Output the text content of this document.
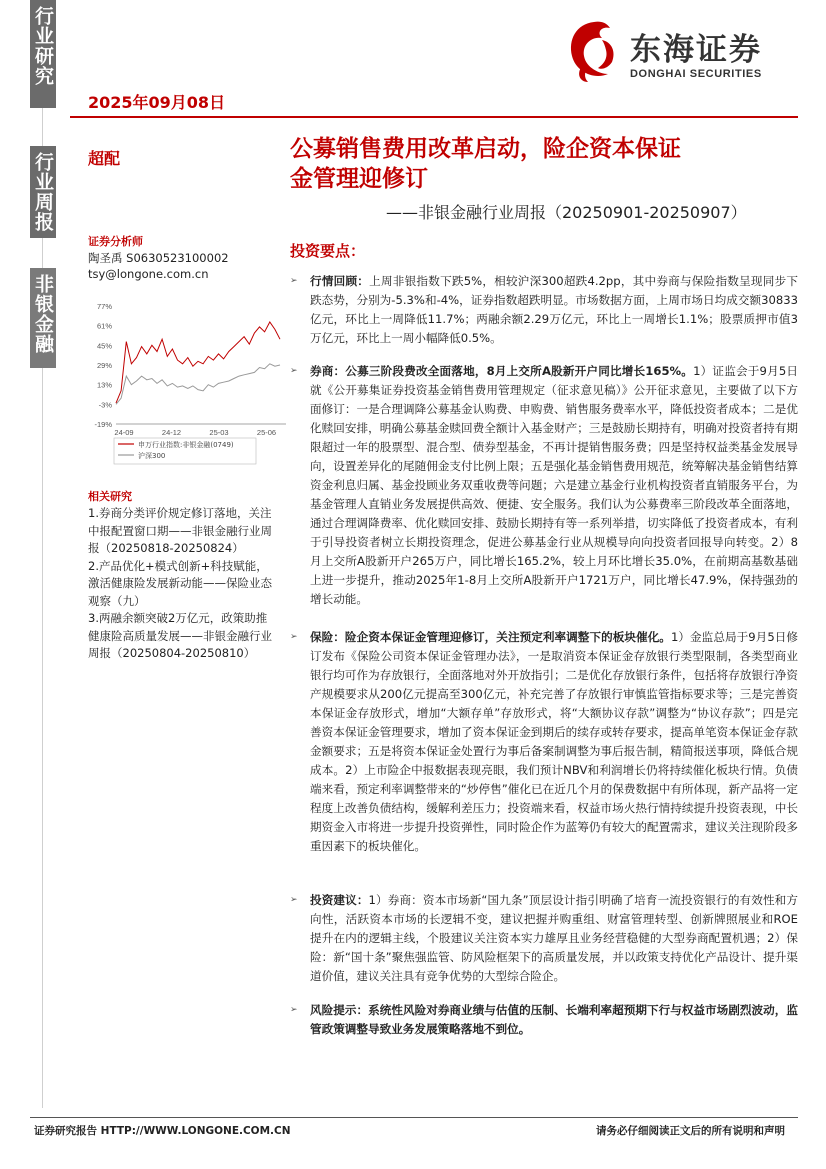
行业研究
行业周报
非银金融
2025年09月08日
东海证券
DONGHAI SECURITIES
超配	公募销售费用改革启动，险企资本保证
金管理迎修订
——非银金融行业周报（20250901-20250907）
证券分析师
陶圣禹 S0630523100002
tsy@longone.com.cn
77%
61%
45%
29%
13%
-3%
-19%
24-09	24-12	25-03	25-06
申万行业指数:非银金融(0749)
沪深300
相关研究
1.券商分类评价规定修订落地，关注中报配置窗口期——非银金融行业周报（20250818-20250824）
2.产品优化+模式创新+科技赋能，激活健康险发展新动能——保险业态观察（九）
3.两融余额突破2万亿元，政策助推健康险高质量发展——非银金融行业周报（20250804-20250810）
投资要点：
➢	行情回顾：上周非银指数下跌5%，相较沪深300超跌4.2pp，其中券商与保险指数呈现同步下跌态势，分别为-5.3%和-4%，证券指数超跌明显。市场数据方面，上周市场日均成交额30833亿元，环比上一周降低11.7%；两融余额2.29万亿元，环比上一周增长1.1%；股票质押市值3万亿元，环比上一周小幅降低0.5%。
➢	券商：公募三阶段费改全面落地，8月上交所A股新开户同比增长165%。1）证监会于9月5日就《公开募集证券投资基金销售费用管理规定（征求意见稿）》公开征求意见，主要做了以下方面修订：一是合理调降公募基金认购费、申购费、销售服务费率水平，降低投资者成本；二是优化赎回安排，明确公募基金赎回费全额计入基金财产；三是鼓励长期持有，明确对投资者持有期限超过一年的股票型、混合型、债券型基金，不再计提销售服务费；四是坚持权益类基金发展导向，设置差异化的尾随佣金支付比例上限；五是强化基金销售费用规范，统筹解决基金销售结算资金利息归属、基金投顾业务双重收费等问题；六是建立基金行业机构投资者直销服务平台，为基金管理人直销业务发展提供高效、便捷、安全服务。我们认为公募费率三阶段改革全面落地，通过合理调降费率、优化赎回安排、鼓励长期持有等一系列举措，切实降低了投资者成本，有利于引导投资者树立长期投资理念，促进公募基金行业从规模导向向投资者回报导向转变。2）8月上交所A股新开户265万户，同比增长165.2%，较上月环比增长35.0%，在前期高基数基础上进一步提升，推动2025年1-8月上交所A股新开户1721万户，同比增长47.9%，保持强劲的增长动能。
➢	保险：险企资本保证金管理迎修订，关注预定利率调整下的板块催化。1）金监总局于9月5日修订发布《保险公司资本保证金管理办法》，一是取消资本保证金存放银行类型限制，各类型商业银行均可作为存放银行，全面落地对外开放指引；二是优化存放银行条件，包括将存放银行净资产规模要求从200亿元提高至300亿元，补充完善了存放银行审慎监管指标要求等；三是完善资本保证金存放形式，增加“大额存单”存放形式，将“大额协议存款”调整为“协议存款”；四是完善资本保证金管理要求，增加了资本保证金到期后的续存或转存要求，提高单笔资本保证金存款金额要求；五是将资本保证金处置行为事后备案制调整为事后报告制，精简报送事项，降低合规成本。2）上市险企中报数据表现亮眼，我们预计NBV和利润增长仍将持续催化板块行情。负债端来看，预定利率调整带来的“炒停售”催化已在近几个月的保费数据中有所体现，新产品将一定程度上改善负债结构，缓解利差压力；投资端来看，权益市场火热行情持续提升投资表现，中长期资金入市将进一步提升投资弹性，同时险企作为蓝筹仍有较大的配置需求，建议关注现阶段多重因素下的板块催化。
➢	投资建议：1）券商：资本市场新“国九条”顶层设计指引明确了培育一流投资银行的有效性和方向性，活跃资本市场的长逻辑不变，建议把握并购重组、财富管理转型、创新牌照展业和ROE提升在内的逻辑主线，个股建议关注资本实力雄厚且业务经营稳健的大型券商配置机遇；2）保险：新“国十条”聚焦强监管、防风险框架下的高质量发展，并以政策支持优化产品设计、提升渠道价值，建议关注具有竞争优势的大型综合险企。
➢	风险提示：系统性风险对券商业绩与估值的压制、长端利率超预期下行与权益市场剧烈波动，监管政策调整导致业务发展策略落地不到位。
证券研究报告 HTTP://WWW.LONGONE.COM.CN	请务必仔细阅读正文后的所有说明和声明
